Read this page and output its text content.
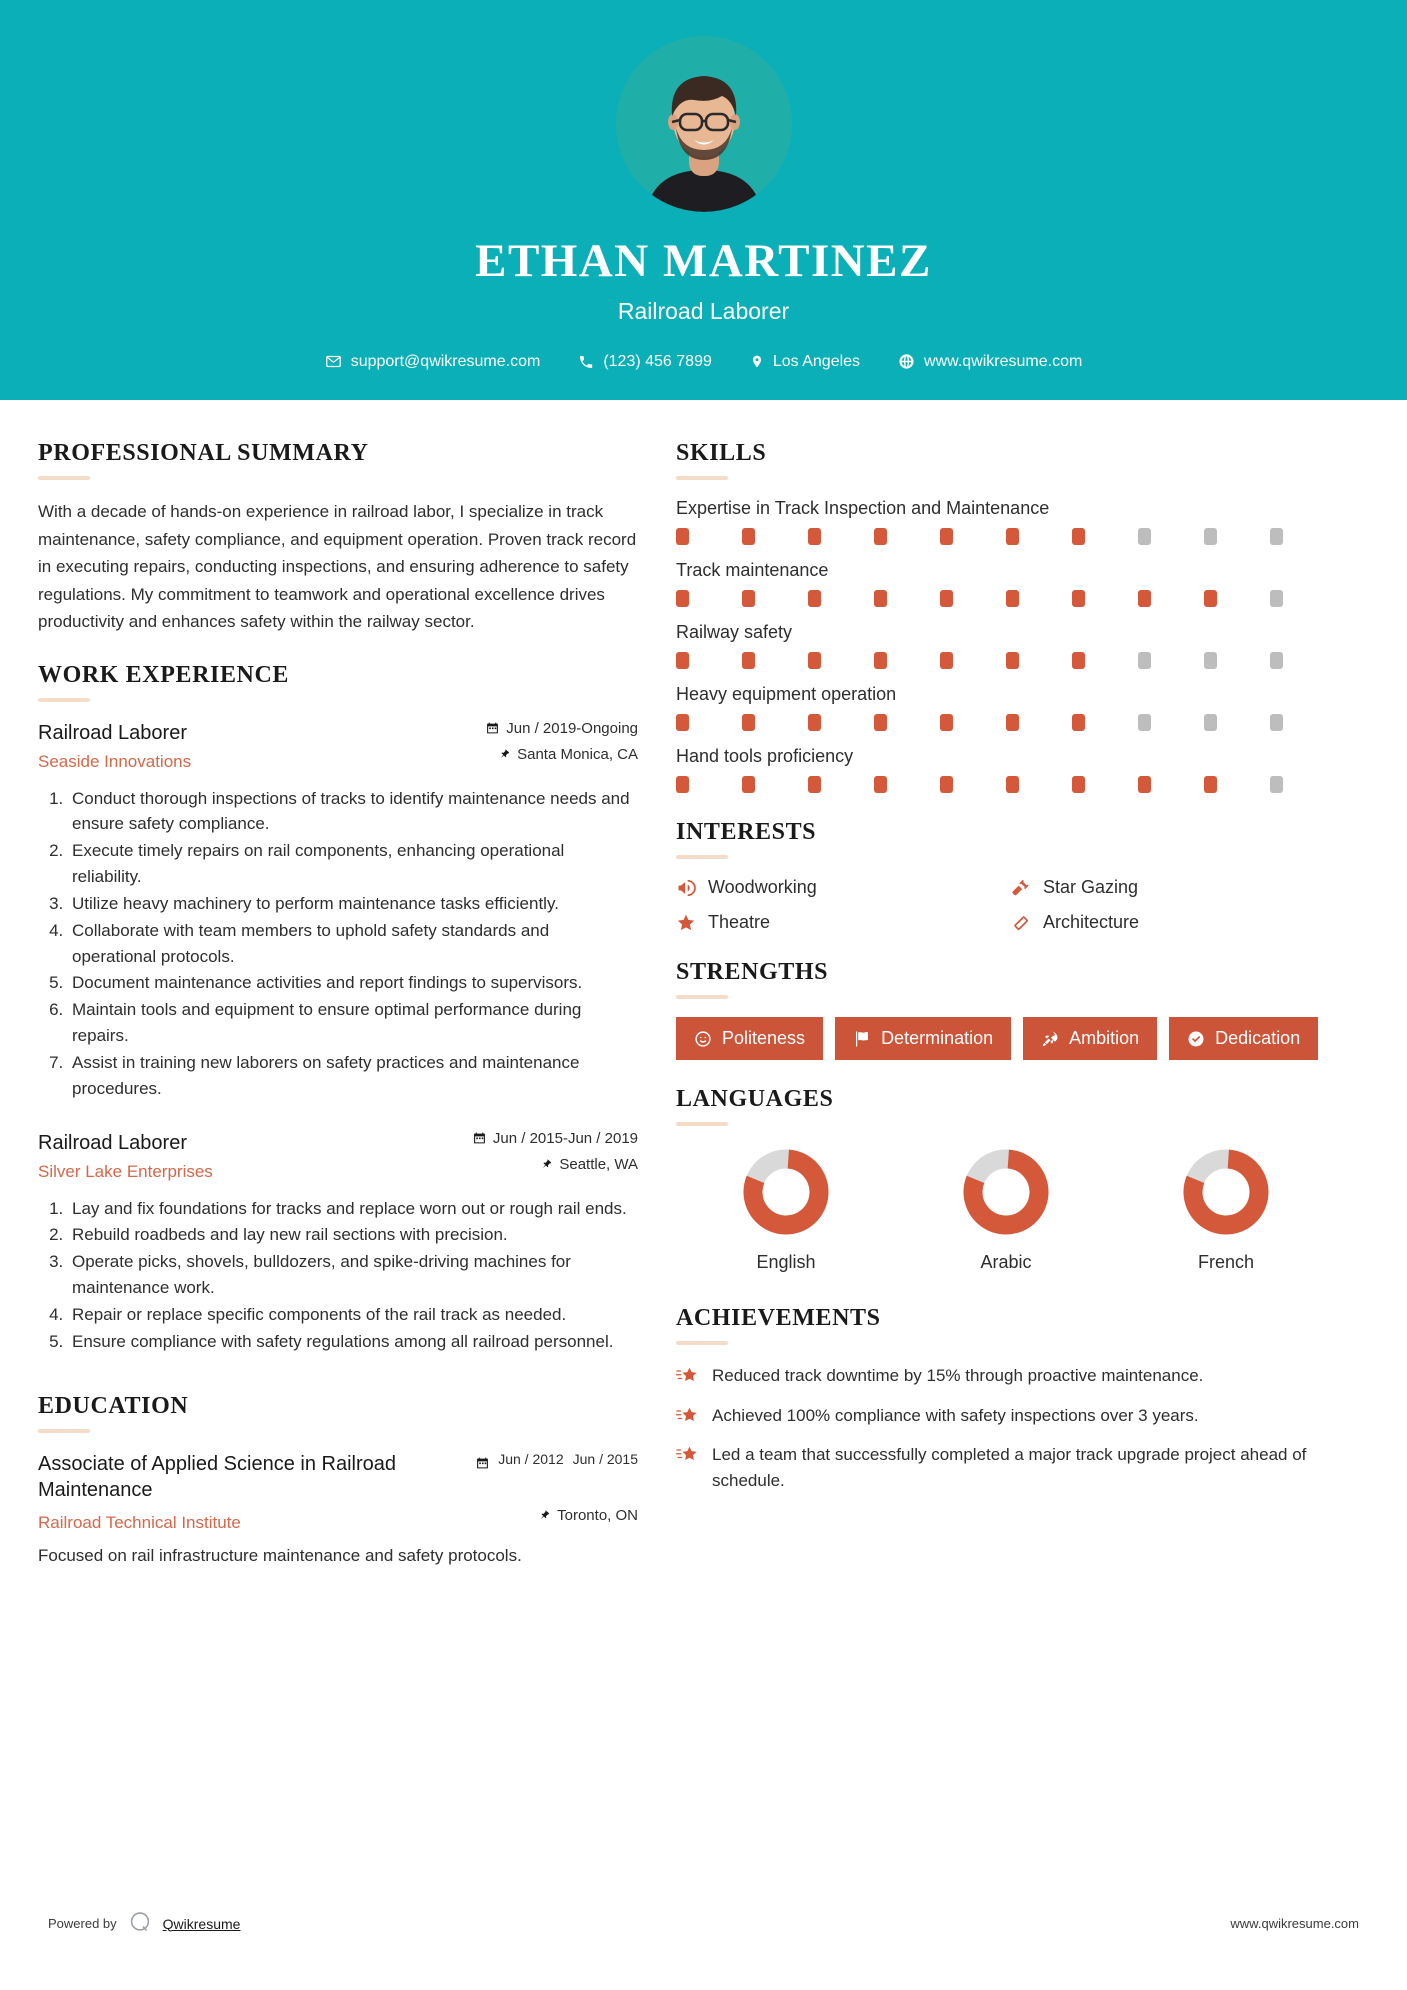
ETHAN MARTINEZ
Railroad Laborer
support@qwikresume.com	(123) 456 7899	Los Angeles	www.qwikresume.com
PROFESSIONAL SUMMARY
With a decade of hands-on experience in railroad labor, I specialize in track maintenance, safety compliance, and equipment operation. Proven track record in executing repairs, conducting inspections, and ensuring adherence to safety regulations. My commitment to teamwork and operational excellence drives productivity and enhances safety within the railway sector.
WORK EXPERIENCE
Railroad Laborer
Seaside Innovations
Jun / 2019-Ongoing
Santa Monica, CA
1. Conduct thorough inspections of tracks to identify maintenance needs and ensure safety compliance.
2. Execute timely repairs on rail components, enhancing operational reliability.
3. Utilize heavy machinery to perform maintenance tasks efficiently.
4. Collaborate with team members to uphold safety standards and operational protocols.
5. Document maintenance activities and report findings to supervisors.
6. Maintain tools and equipment to ensure optimal performance during repairs.
7. Assist in training new laborers on safety practices and maintenance procedures.
Railroad Laborer
Silver Lake Enterprises
Jun / 2015-Jun / 2019
Seattle, WA
1. Lay and fix foundations for tracks and replace worn out or rough rail ends.
2. Rebuild roadbeds and lay new rail sections with precision.
3. Operate picks, shovels, bulldozers, and spike-driving machines for maintenance work.
4. Repair or replace specific components of the rail track as needed.
5. Ensure compliance with safety regulations among all railroad personnel.
EDUCATION
Associate of Applied Science in Railroad Maintenance
Jun / 2012 Jun / 2015
Railroad Technical Institute	Toronto, ON
Focused on rail infrastructure maintenance and safety protocols.
SKILLS
Expertise in Track Inspection and Maintenance
Track maintenance
Railway safety
Heavy equipment operation
Hand tools proficiency
INTERESTS
Woodworking	Star Gazing
Theatre	Architecture
STRENGTHS
Politeness	Determination	Ambition	Dedication
LANGUAGES
English	Arabic	French
ACHIEVEMENTS
Reduced track downtime by 15% through proactive maintenance.
Achieved 100% compliance with safety inspections over 3 years.
Led a team that successfully completed a major track upgrade project ahead of schedule.
Powered by	Qwikresume	www.qwikresume.com
